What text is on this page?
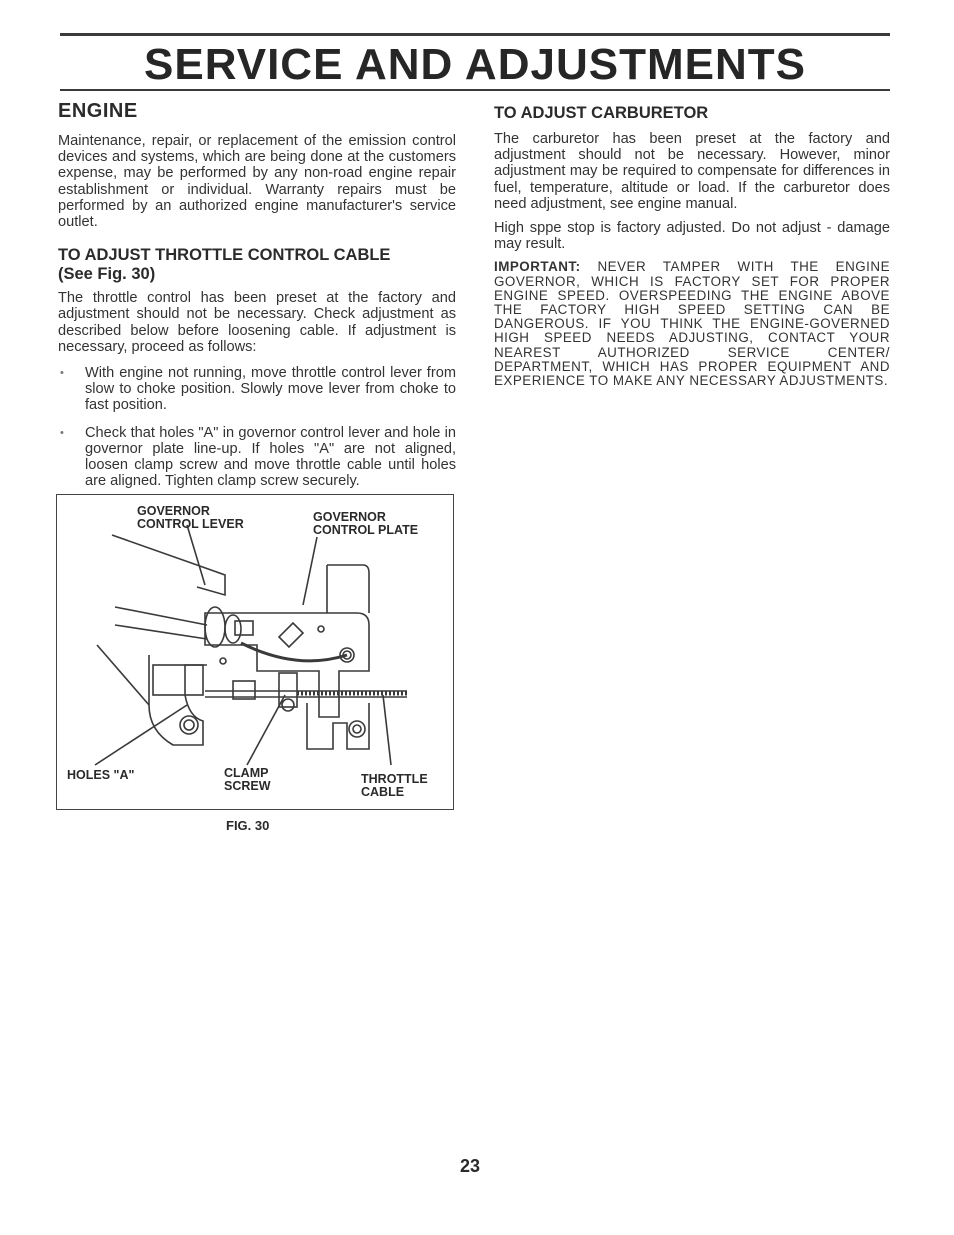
SERVICE AND ADJUSTMENTS
ENGINE

Maintenance, repair, or replacement of the emission control devices and systems, which are being done at the customers expense, may be performed by any non-road engine repair establishment or individual. Warranty repairs must be performed by an authorized engine manufacturer's service outlet.

TO ADJUST THROTTLE CONTROL CABLE
(See Fig. 30)

The throttle control has been preset at the factory and adjustment should not be necessary. Check adjustment as described below before loosening cable. If adjustment is necessary, proceed as follows:

• With engine not running, move throttle control lever from slow to choke position. Slowly move lever from choke to fast position.
• Check that holes "A" in governor control lever and hole in governor plate line-up. If holes "A" are not aligned, loosen clamp screw and move throttle cable until holes are aligned. Tighten clamp screw securely.
GOVERNOR
CONTROL LEVER	GOVERNOR
CONTROL PLATE
HOLES "A"	CLAMP
SCREW	THROTTLE
CABLE
FIG. 30
TO ADJUST CARBURETOR

The carburetor has been preset at the factory and adjustment should not be necessary. However, minor adjustment may be required to compensate for differences in fuel, temperature, altitude or load. If the carburetor does need adjustment, see engine manual.

High sppe stop is factory adjusted. Do not adjust - damage may result.

IMPORTANT: NEVER TAMPER WITH THE ENGINE GOVERNOR, WHICH IS FACTORY SET FOR PROPER ENGINE SPEED. OVERSPEEDING THE ENGINE ABOVE THE FACTORY HIGH SPEED SETTING CAN BE DANGEROUS. IF YOU THINK THE ENGINE-GOVERNED HIGH SPEED NEEDS ADJUSTING, CONTACT YOUR NEAREST AUTHORIZED SERVICE CENTER/ DEPARTMENT, WHICH HAS PROPER EQUIPMENT AND EXPERIENCE TO MAKE ANY NECESSARY ADJUSTMENTS.

23
